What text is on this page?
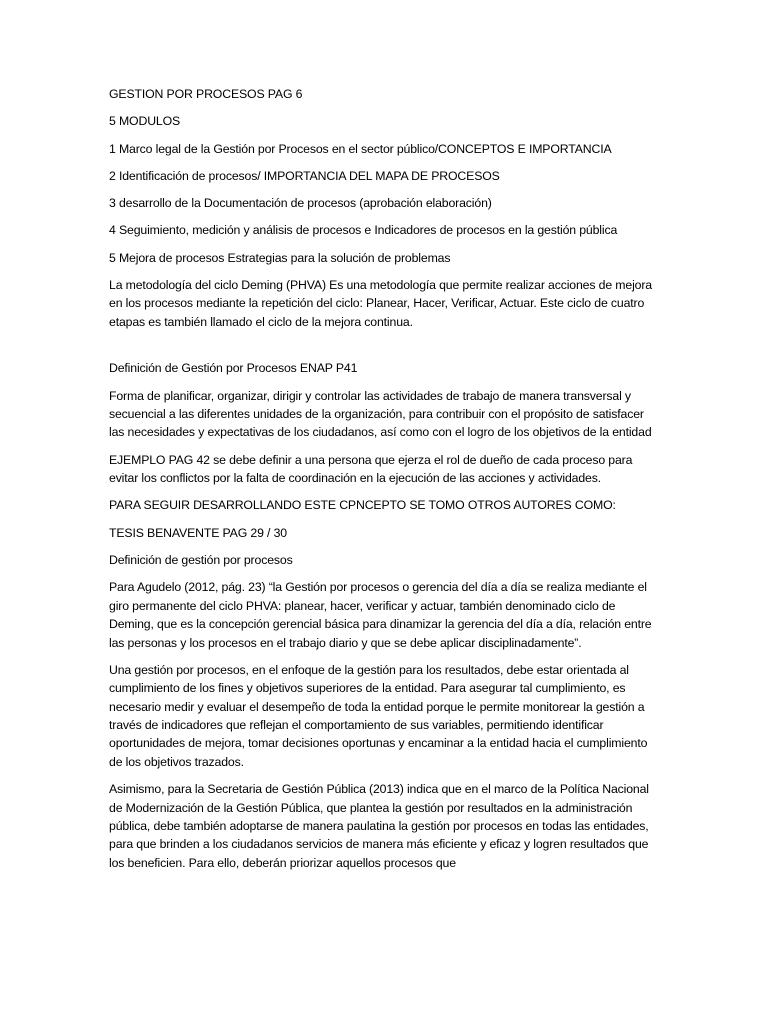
GESTION POR PROCESOS PAG 6

5 MODULOS

1 Marco legal de la Gestión por Procesos en el sector público/CONCEPTOS E IMPORTANCIA

2 Identificación de procesos/ IMPORTANCIA DEL MAPA DE PROCESOS

3 desarrollo de la Documentación de procesos (aprobación elaboración)

4 Seguimiento, medición y análisis de procesos e Indicadores de procesos en la gestión pública

5 Mejora de procesos Estrategias para la solución de problemas

La metodología del ciclo Deming (PHVA) Es una metodología que permite realizar acciones de mejora en los procesos mediante la repetición del ciclo: Planear, Hacer, Verificar, Actuar. Este ciclo de cuatro etapas es también llamado el ciclo de la mejora continua.

Definición de Gestión por Procesos ENAP P41

Forma de planificar, organizar, dirigir y controlar las actividades de trabajo de manera transversal y secuencial a las diferentes unidades de la organización, para contribuir con el propósito de satisfacer las necesidades y expectativas de los ciudadanos, así como con el logro de los objetivos de la entidad

EJEMPLO PAG 42 se debe definir a una persona que ejerza el rol de dueño de cada proceso para evitar los conflictos por la falta de coordinación en la ejecución de las acciones y actividades.

PARA SEGUIR DESARROLLANDO ESTE CPNCEPTO SE TOMO OTROS AUTORES COMO:

TESIS BENAVENTE PAG 29 / 30

Definición de gestión por procesos

Para Agudelo (2012, pág. 23) “la Gestión por procesos o gerencia del día a día se realiza mediante el giro permanente del ciclo PHVA: planear, hacer, verificar y actuar, también denominado ciclo de Deming, que es la concepción gerencial básica para dinamizar la gerencia del día a día, relación entre las personas y los procesos en el trabajo diario y que se debe aplicar disciplinadamente”.

Una gestión por procesos, en el enfoque de la gestión para los resultados, debe estar orientada al cumplimiento de los fines y objetivos superiores de la entidad. Para asegurar tal cumplimiento, es necesario medir y evaluar el desempeño de toda la entidad porque le permite monitorear la gestión a través de indicadores que reflejan el comportamiento de sus variables, permitiendo identificar oportunidades de mejora, tomar decisiones oportunas y encaminar a la entidad hacia el cumplimiento de los objetivos trazados.

Asimismo, para la Secretaria de Gestión Pública (2013) indica que en el marco de la Política Nacional de Modernización de la Gestión Pública, que plantea la gestión por resultados en la administración pública, debe también adoptarse de manera paulatina la gestión por procesos en todas las entidades, para que brinden a los ciudadanos servicios de manera más eficiente y eficaz y logren resultados que los beneficien. Para ello, deberán priorizar aquellos procesos que
